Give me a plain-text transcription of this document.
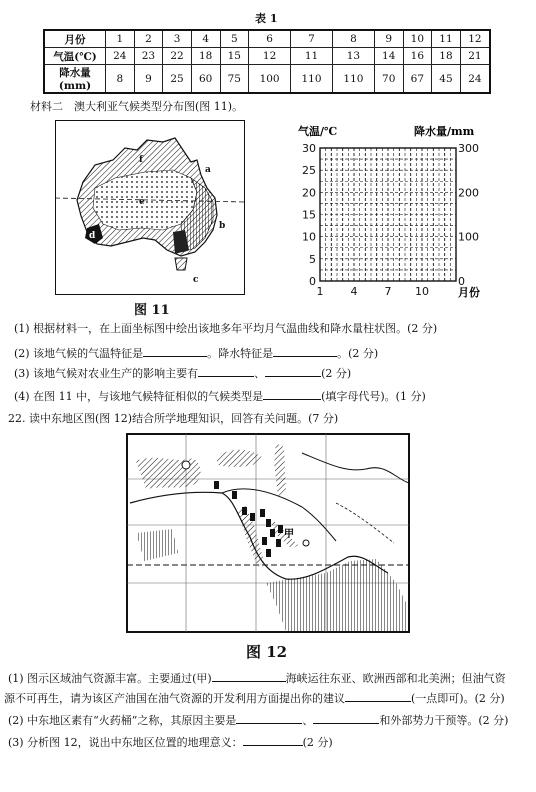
表 1
月份	1	2	3	4	5	6	7	8	9	10	11	12
气温(℃)	24	23	22	18	15	12	11	13	14	16	18	21
降水量(mm)	8	9	25	60	75	100	110	110	70	67	45	24
材料二　澳大利亚气候类型分布图(图 11)。
f
a
e
b
d
c
图 11
气温/℃	降水量/mm
30
25
20
15
10
5
0
300
200
100
0
1 4 7 10	月份
(1) 根据材料一，在上面坐标图中绘出该地多年平均月气温曲线和降水量柱状图。(2 分)
(2) 该地气候的气温特征是	。降水特征是	。(2 分)
(3) 该地气候对农业生产的影响主要有	、	(2 分)
(4) 在图 11 中，与该地气候特征相似的气候类型是	(填字母代号)。(1 分)
22. 读中东地区图(图 12)结合所学地理知识，回答有关问题。(7 分)
甲
图 12
(1) 图示区域油气资源丰富。主要通过(甲)	海峡运往东亚、欧洲西部和北美洲；但油气资
源不可再生，请为该区产油国在油气资源的开发利用方面提出你的建议	(一点即可)。(2 分)
(2) 中东地区素有“火药桶”之称，其原因主要是	、	和外部势力干预等。(2 分)
(3) 分析图 12，说出中东地区位置的地理意义：	(2 分)
